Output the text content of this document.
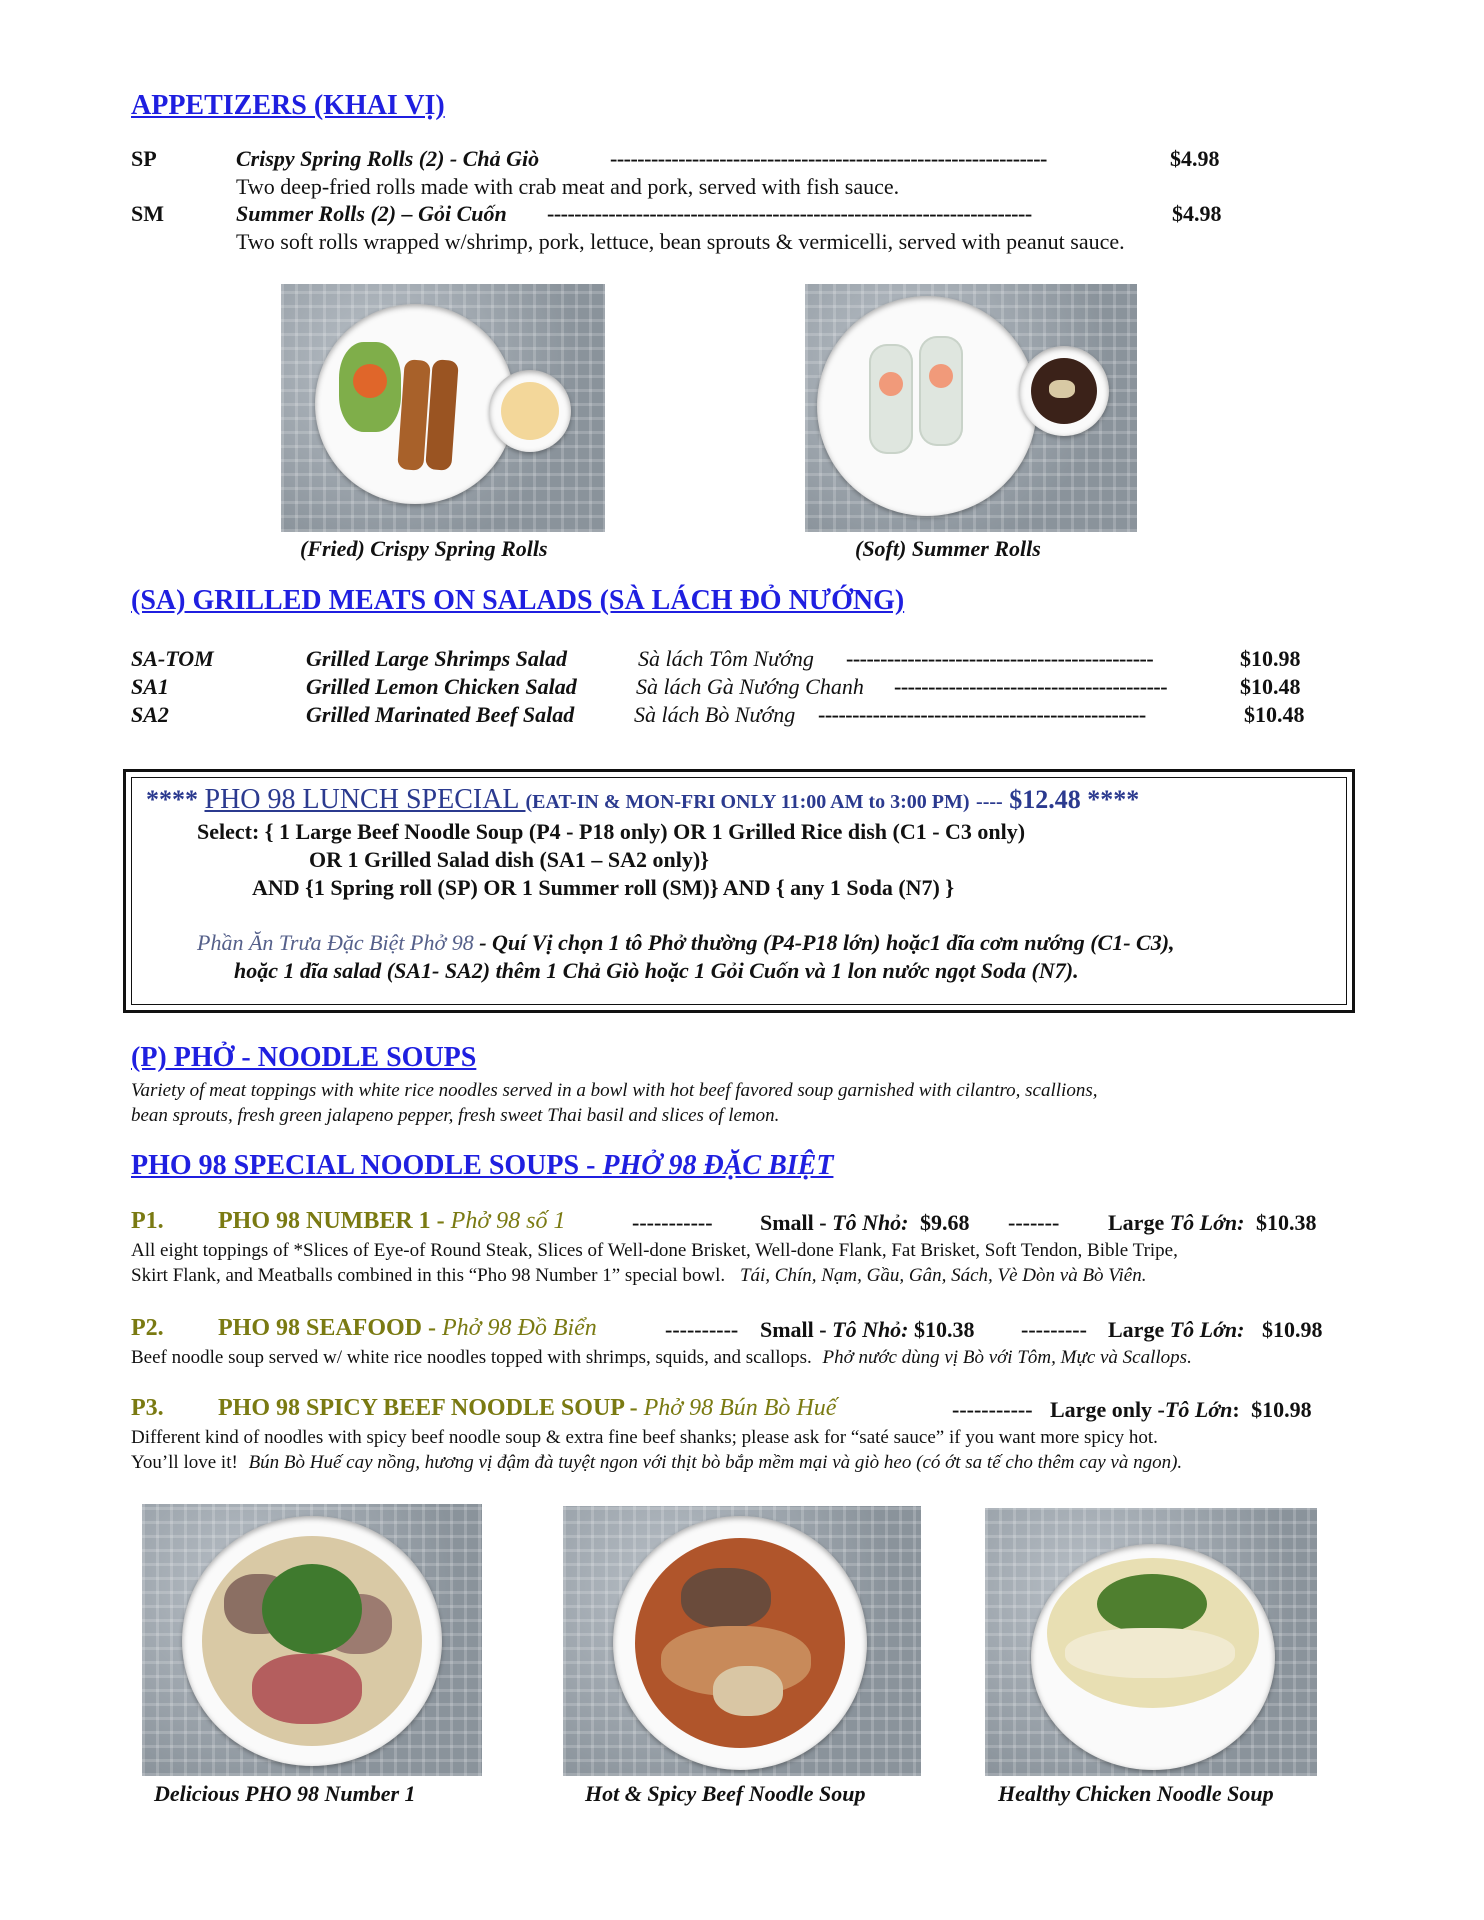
APPETIZERS (KHAI VỊ)
SP	Crispy Spring Rolls (2) - Chả Giò	----------------------------------------------------------------	$4.98
Two deep-fried rolls made with crab meat and pork, served with fish sauce.
SM	Summer Rolls (2) – Gỏi Cuốn -----------------------------------------------------------------------	$4.98
Two soft rolls wrapped w/shrimp, pork, lettuce, bean sprouts & vermicelli, served with peanut sauce.
(Fried) Crispy Spring Rolls	(Soft) Summer Rolls
(SA) GRILLED MEATS ON SALADS (SÀ LÁCH ĐỎ NƯỚNG)
SA-TOM	Grilled Large Shrimps Salad	Sà lách Tôm Nướng ---------------------------------------------	$10.98
SA1	Grilled Lemon Chicken Salad	Sà lách Gà Nướng Chanh ----------------------------------------	$10.48
SA2	Grilled Marinated Beef Salad	Sà lách Bò Nướng ------------------------------------------------	$10.48
**** PHO 98 LUNCH SPECIAL (EAT-IN & MON-FRI ONLY 11:00 AM to 3:00 PM) ---- $12.48 ****
Select: { 1 Large Beef Noodle Soup (P4 - P18 only) OR 1 Grilled Rice dish (C1 - C3 only)
OR 1 Grilled Salad dish (SA1 – SA2 only)}
AND {1 Spring roll (SP) OR 1 Summer roll (SM)} AND { any 1 Soda (N7) }
Phần Ăn Trưa Đặc Biệt Phở 98 - Quí Vị chọn 1 tô Phở thường (P4-P18 lớn) hoặc1 dĩa cơm nướng (C1- C3),
hoặc 1 dĩa salad (SA1- SA2) thêm 1 Chả Giò hoặc 1 Gỏi Cuốn và 1 lon nước ngọt Soda (N7).
(P) PHỞ - NOODLE SOUPS
Variety of meat toppings with white rice noodles served in a bowl with hot beef favored soup garnished with cilantro, scallions,
bean sprouts, fresh green jalapeno pepper, fresh sweet Thai basil and slices of lemon.
PHO 98 SPECIAL NOODLE SOUPS - PHỞ 98 ĐẶC BIỆT
P1. PHO 98 NUMBER 1 - Phở 98 số 1	----------- Small - Tô Nhỏ: $9.68 ------- Large Tô Lớn: $10.38
All eight toppings of *Slices of Eye-of Round Steak, Slices of Well-done Brisket, Well-done Flank, Fat Brisket, Soft Tendon, Bible Tripe,
Skirt Flank, and Meatballs combined in this “Pho 98 Number 1” special bowl. Tái, Chín, Nạm, Gầu, Gân, Sách, Vè Dòn và Bò Viên.
P2. PHO 98 SEAFOOD - Phở 98 Đồ Biển	---------- Small - Tô Nhỏ: $10.38 --------- Large Tô Lớn: $10.98
Beef noodle soup served w/ white rice noodles topped with shrimps, squids, and scallops. Phở nước dùng vị Bò với Tôm, Mực và Scallops.
P3. PHO 98 SPICY BEEF NOODLE SOUP - Phở 98 Bún Bò Huế	----------- Large only -Tô Lớn: $10.98
Different kind of noodles with spicy beef noodle soup & extra fine beef shanks; please ask for “saté sauce” if you want more spicy hot.
You’ll love it! Bún Bò Huế cay nồng, hương vị đậm đà tuyệt ngon với thịt bò bắp mềm mại và giò heo (có ớt sa tế cho thêm cay và ngon).
Delicious PHO 98 Number 1	Hot & Spicy Beef Noodle Soup	Healthy Chicken Noodle Soup
